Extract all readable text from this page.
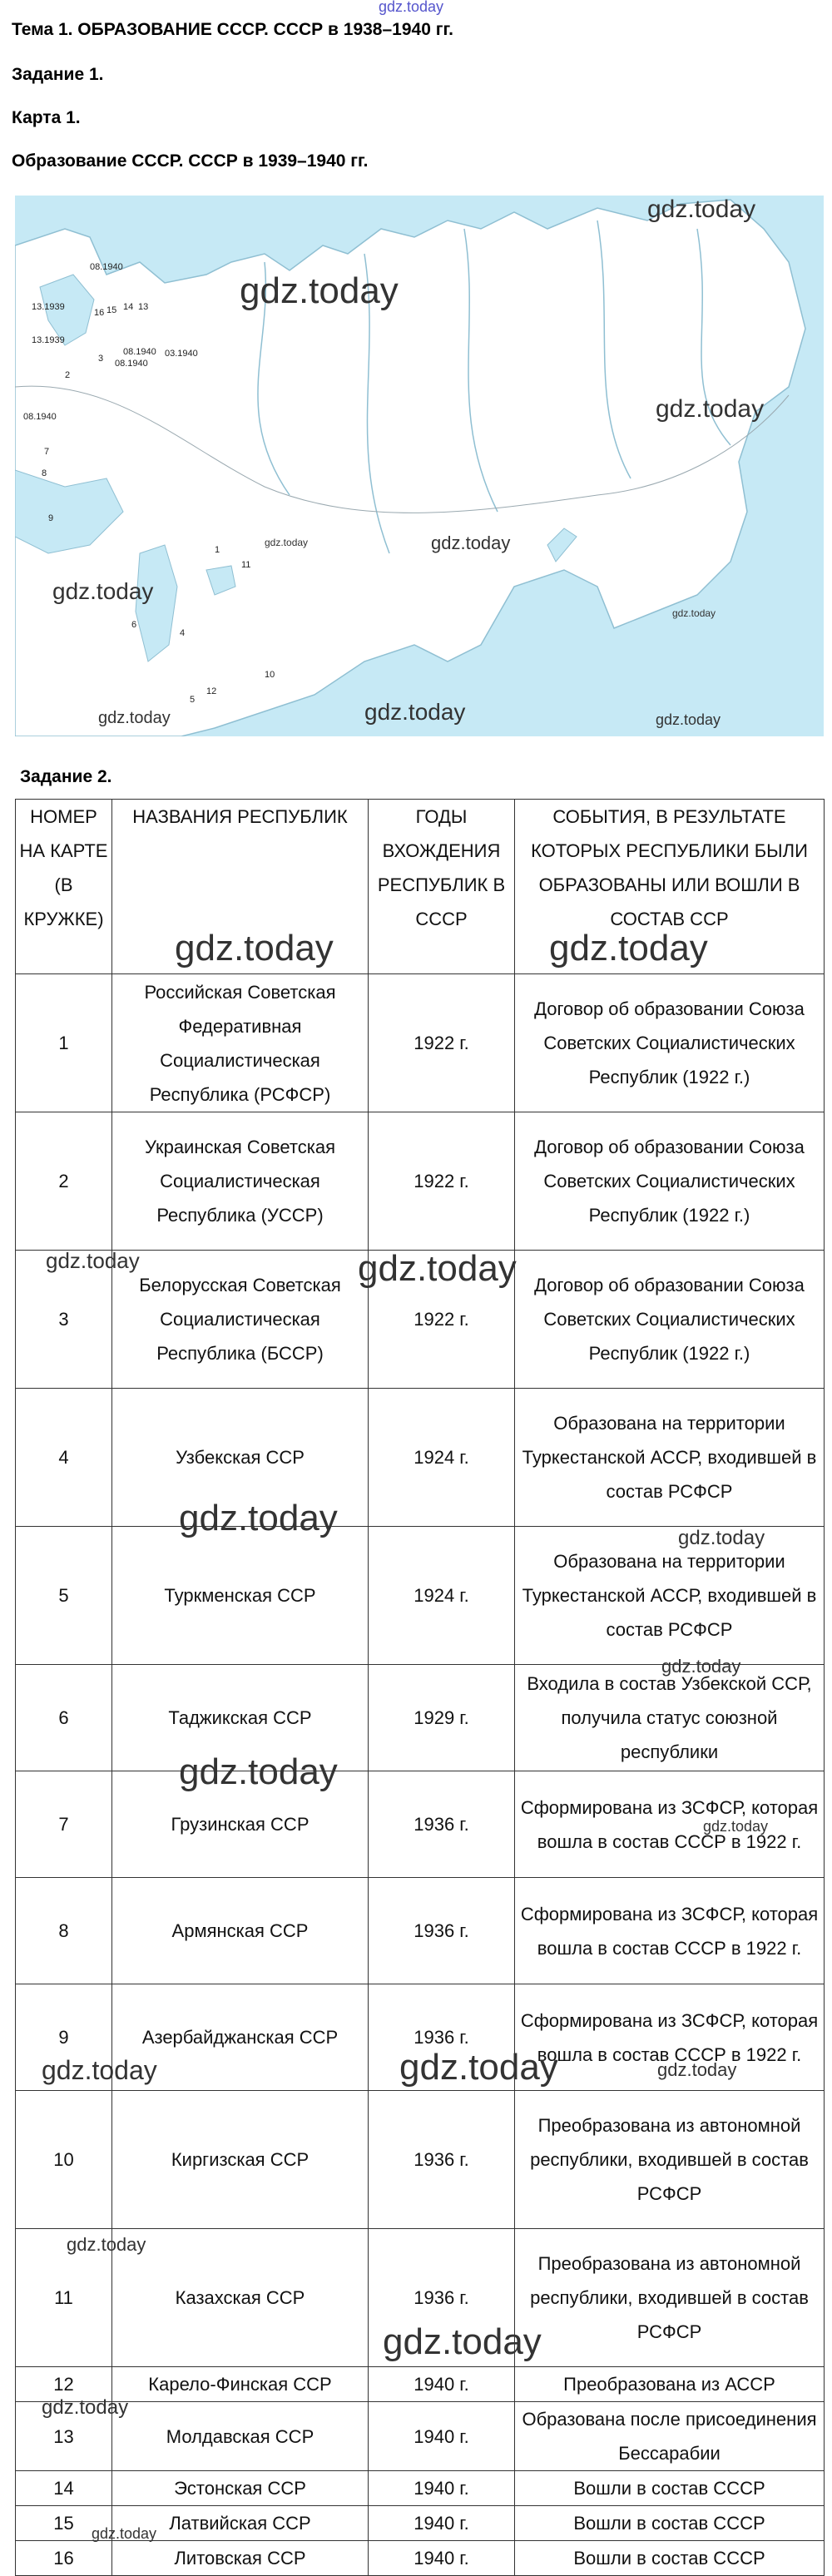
gdz.today
Тема 1. ОБРАЗОВАНИЕ СССР. СССР в 1938–1940 гг.
Задание 1.
Карта 1.
Образование СССР. СССР в 1939–1940 гг.
08.1940
13.1939
16 15 14 13
13.1939
3
08.1940
08.1940
03.1940
2
08.1940
7
8
9
11
6
4
5
10
12
1
gdz.today
gdz.today
gdz.today
gdz.today
gdz.today
gdz.today
gdz.today
gdz.today
gdz.today	gdz.today
Задание 2.
НОМЕР НА КАРТЕ (В КРУЖКЕ)	НАЗВАНИЯ РЕСПУБЛИК	ГОДЫ ВХОЖДЕНИЯ РЕСПУБЛИК В СССР	СОБЫТИЯ, В РЕЗУЛЬТАТЕ КОТОРЫХ РЕСПУБЛИКИ БЫЛИ ОБРАЗОВАНЫ ИЛИ ВОШЛИ В СОСТАВ ССР
1	Российская Советская Федеративная Социалистическая Республика (РСФСР)	1922 г.	Договор об образовании Союза Советских Социалистических Республик (1922 г.)
2	Украинская Советская Социалистическая Республика (УССР)	1922 г.	Договор об образовании Союза Советских Социалистических Республик (1922 г.)
3	Белорусская Советская Социалистическая Республика (БССР)	1922 г.	Договор об образовании Союза Советских Социалистических Республик (1922 г.)
4	Узбекская ССР	1924 г.	Образована на территории Туркестанской АССР, входившей в состав РСФСР
5	Туркменская ССР	1924 г.	Образована на территории Туркестанской АССР, входившей в состав РСФСР
6	Таджикская ССР	1929 г.	Входила в состав Узбекской ССР, получила статус союзной республики
7	Грузинская ССР	1936 г.	Сформирована из ЗСФСР, которая вошла в состав СССР в 1922 г.
8	Армянская ССР	1936 г.	Сформирована из ЗСФСР, которая вошла в состав СССР в 1922 г.
9	Азербайджанская ССР	1936 г.	Сформирована из ЗСФСР, которая вошла в состав СССР в 1922 г.
10	Киргизская ССР	1936 г.	Преобразована из автономной республики, входившей в состав РСФСР
11	Казахская ССР	1936 г.	Преобразована из автономной республики, входившей в состав РСФСР
12	Карело-Финская ССР	1940 г.	Преобразована из АССР
13	Молдавская ССР	1940 г.	Образована после присоединения Бессарабии
14	Эстонская ССР	1940 г.	Вошли в состав СССР
15	Латвийская ССР	1940 г.	Вошли в состав СССР
16	Литовская ССР	1940 г.	Вошли в состав СССР
gdz.today	gdz.today
gdz.today	gdz.today
gdz.today	gdz.today
gdz.today
gdz.today
gdz.today
gdz.today	gdz.today
gdz.today
gdz.today
gdz.today
gdz.today
gdz.today
